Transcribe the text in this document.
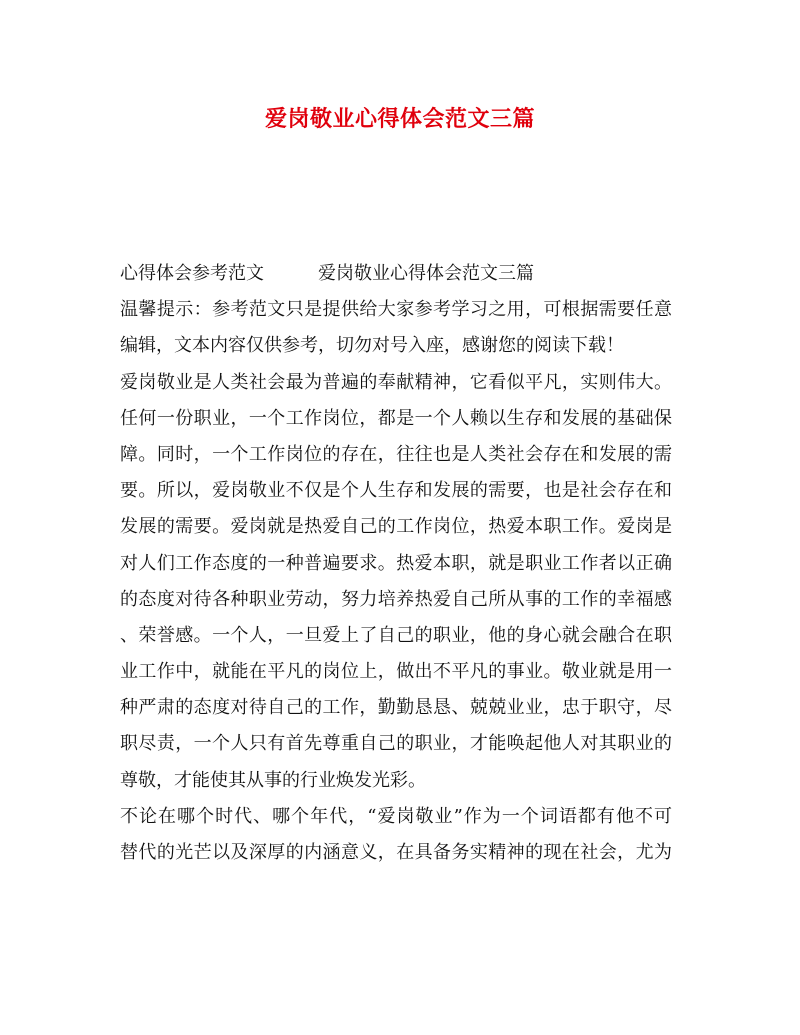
爱岗敬业心得体会范文三篇
心得体会参考范文	爱岗敬业心得体会范文三篇
温馨提示：参考范文只是提供给大家参考学习之用，可根据需要任意
编辑，文本内容仅供参考，切勿对号入座，感谢您的阅读下载！
爱岗敬业是人类社会最为普遍的奉献精神，它看似平凡，实则伟大。
任何一份职业，一个工作岗位，都是一个人赖以生存和发展的基础保
障。同时，一个工作岗位的存在，往往也是人类社会存在和发展的需
要。所以，爱岗敬业不仅是个人生存和发展的需要，也是社会存在和
发展的需要。爱岗就是热爱自己的工作岗位，热爱本职工作。爱岗是
对人们工作态度的一种普遍要求。热爱本职，就是职业工作者以正确
的态度对待各种职业劳动，努力培养热爱自己所从事的工作的幸福感
、荣誉感。一个人，一旦爱上了自己的职业，他的身心就会融合在职
业工作中，就能在平凡的岗位上，做出不平凡的事业。敬业就是用一
种严肃的态度对待自己的工作，勤勤恳恳、兢兢业业，忠于职守，尽
职尽责，一个人只有首先尊重自己的职业，才能唤起他人对其职业的
尊敬，才能使其从事的行业焕发光彩。
不论在哪个时代、哪个年代，“爱岗敬业”作为一个词语都有他不可
替代的光芒以及深厚的内涵意义，在具备务实精神的现在社会，尤为
